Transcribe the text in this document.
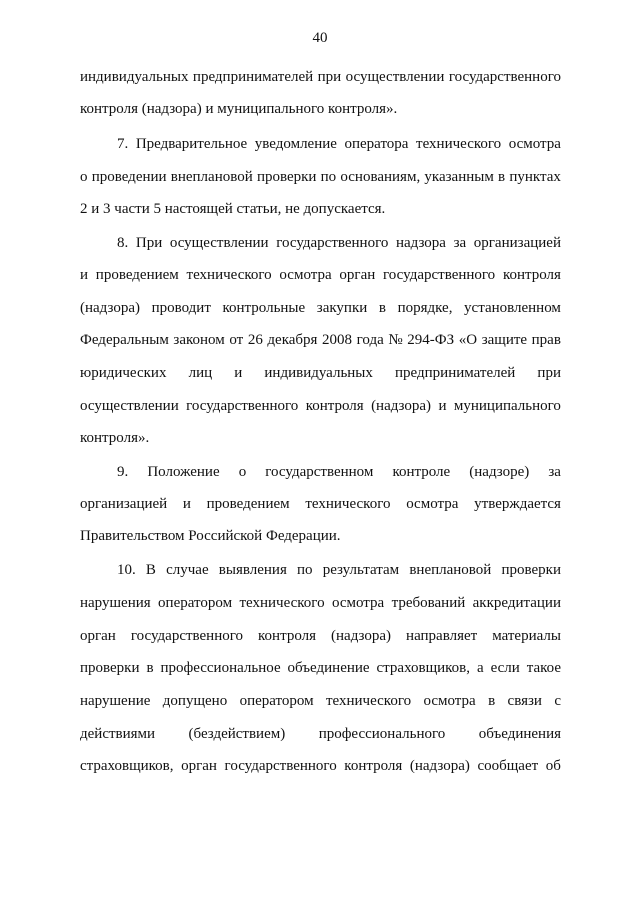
40
индивидуальных предпринимателей при осуществлении государственного
контроля (надзора) и муниципального контроля».
7. Предварительное уведомление оператора технического осмотра
о проведении внеплановой проверки по основаниям, указанным в пунктах
2 и 3 части 5 настоящей статьи, не допускается.
8. При осуществлении государственного надзора за организацией
и проведением технического осмотра орган государственного контроля
(надзора) проводит контрольные закупки в порядке, установленном
Федеральным законом от 26 декабря 2008 года № 294-ФЗ «О защите прав
юридических лиц и индивидуальных предпринимателей при
осуществлении государственного контроля (надзора) и муниципального
контроля».
9. Положение о государственном контроле (надзоре) за
организацией и проведением технического осмотра утверждается
Правительством Российской Федерации.
10. В случае выявления по результатам внеплановой проверки
нарушения оператором технического осмотра требований аккредитации
орган государственного контроля (надзора) направляет материалы
проверки в профессиональное объединение страховщиков, а если такое
нарушение допущено оператором технического осмотра в связи с
действиями (бездействием) профессионального объединения
страховщиков, орган государственного контроля (надзора) сообщает об
